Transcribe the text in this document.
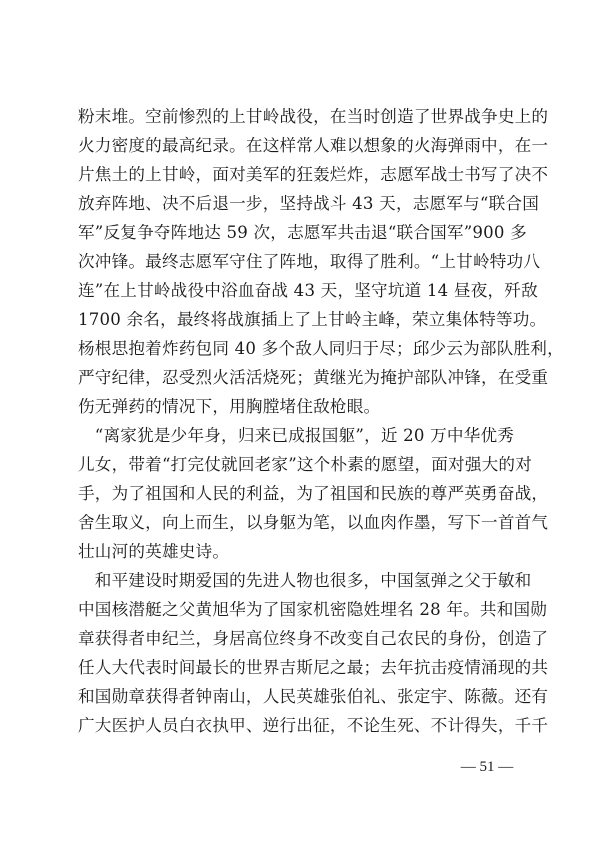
粉末堆。空前惨烈的上甘岭战役，在当时创造了世界战争史上的
火力密度的最高纪录。在这样常人难以想象的火海弹雨中，在一
片焦土的上甘岭，面对美军的狂轰烂炸，志愿军战士书写了决不
放弃阵地、决不后退一步，坚持战斗 43 天，志愿军与“联合国
军”反复争夺阵地达 59 次，志愿军共击退“联合国军”900 多
次冲锋。最终志愿军守住了阵地，取得了胜利。“上甘岭特功八
连”在上甘岭战役中浴血奋战 43 天，坚守坑道 14 昼夜，歼敌
1700 余名，最终将战旗插上了上甘岭主峰，荣立集体特等功。
杨根思抱着炸药包同 40 多个敌人同归于尽；邱少云为部队胜利，
严守纪律，忍受烈火活活烧死；黄继光为掩护部队冲锋，在受重
伤无弹药的情况下，用胸膛堵住敌枪眼。
　“离家犹是少年身，归来已成报国躯”，近 20 万中华优秀
儿女，带着“打完仗就回老家”这个朴素的愿望，面对强大的对
手，为了祖国和人民的利益，为了祖国和民族的尊严英勇奋战，
舍生取义，向上而生，以身躯为笔，以血肉作墨，写下一首首气
壮山河的英雄史诗。
　和平建设时期爱国的先进人物也很多，中国氢弹之父于敏和
中国核潜艇之父黄旭华为了国家机密隐姓埋名 28 年。共和国勋
章获得者申纪兰，身居高位终身不改变自己农民的身份，创造了
任人大代表时间最长的世界吉斯尼之最；去年抗击疫情涌现的共
和国勋章获得者钟南山，人民英雄张伯礼、张定宇、陈薇。还有
广大医护人员白衣执甲、逆行出征，不论生死、不计得失，千千
— 51 —
